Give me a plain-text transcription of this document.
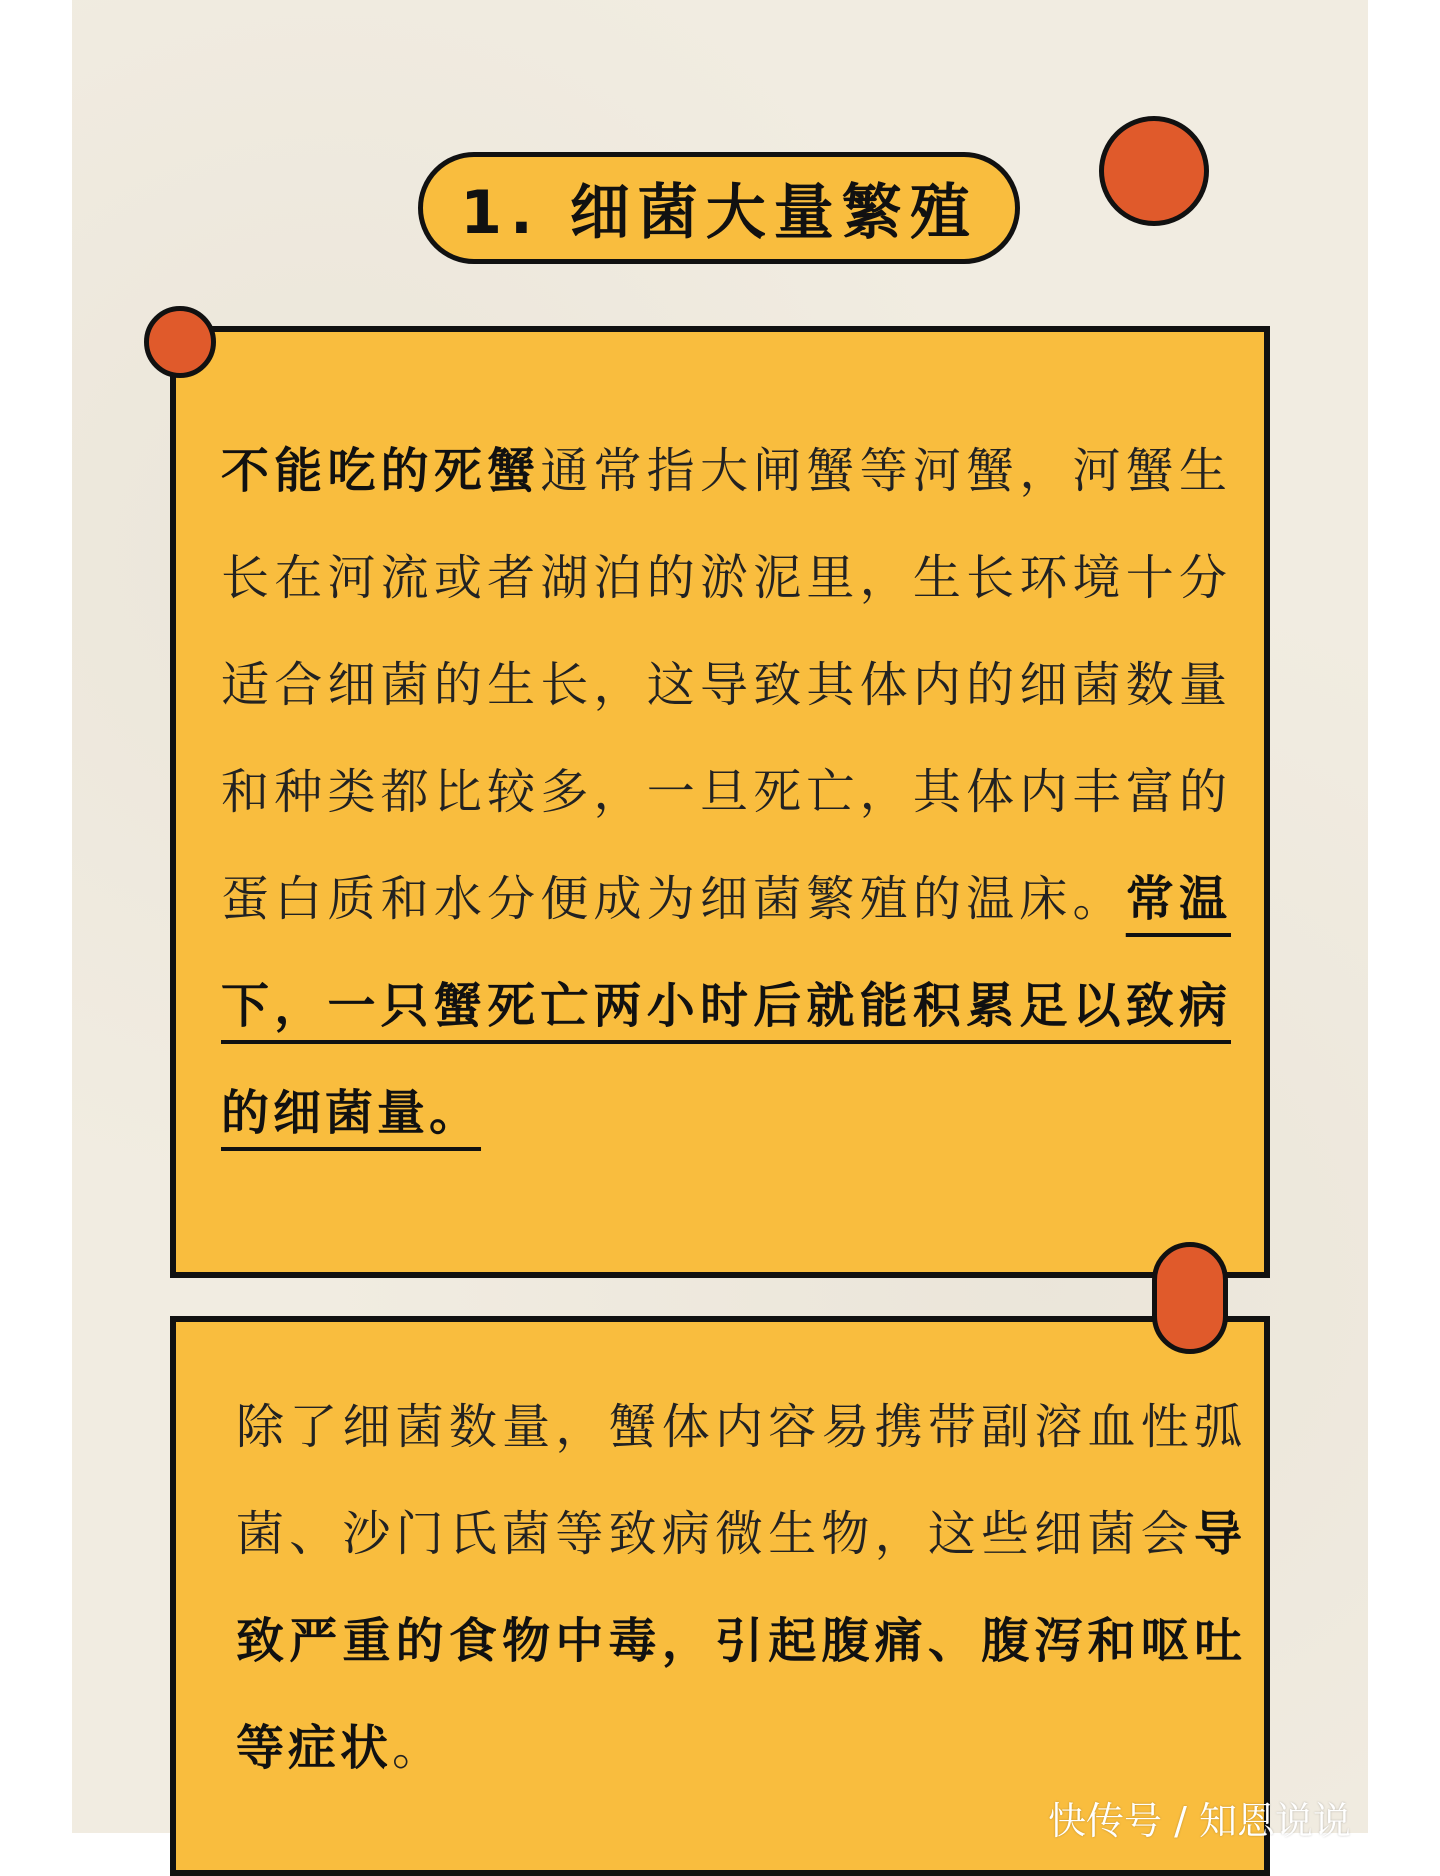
1. 细菌大量繁殖

不能吃的死蟹通常指大闸蟹等河蟹，河蟹生长在河流或者湖泊的淤泥里，生长环境十分适合细菌的生长，这导致其体内的细菌数量和种类都比较多，一旦死亡，其体内丰富的蛋白质和水分便成为细菌繁殖的温床。常温下，一只蟹死亡两小时后就能积累足以致病的细菌量。

除了细菌数量，蟹体内容易携带副溶血性弧菌、沙门氏菌等致病微生物，这些细菌会导致严重的食物中毒，引起腹痛、腹泻和呕吐等症状。

快传号 / 知恩说说
